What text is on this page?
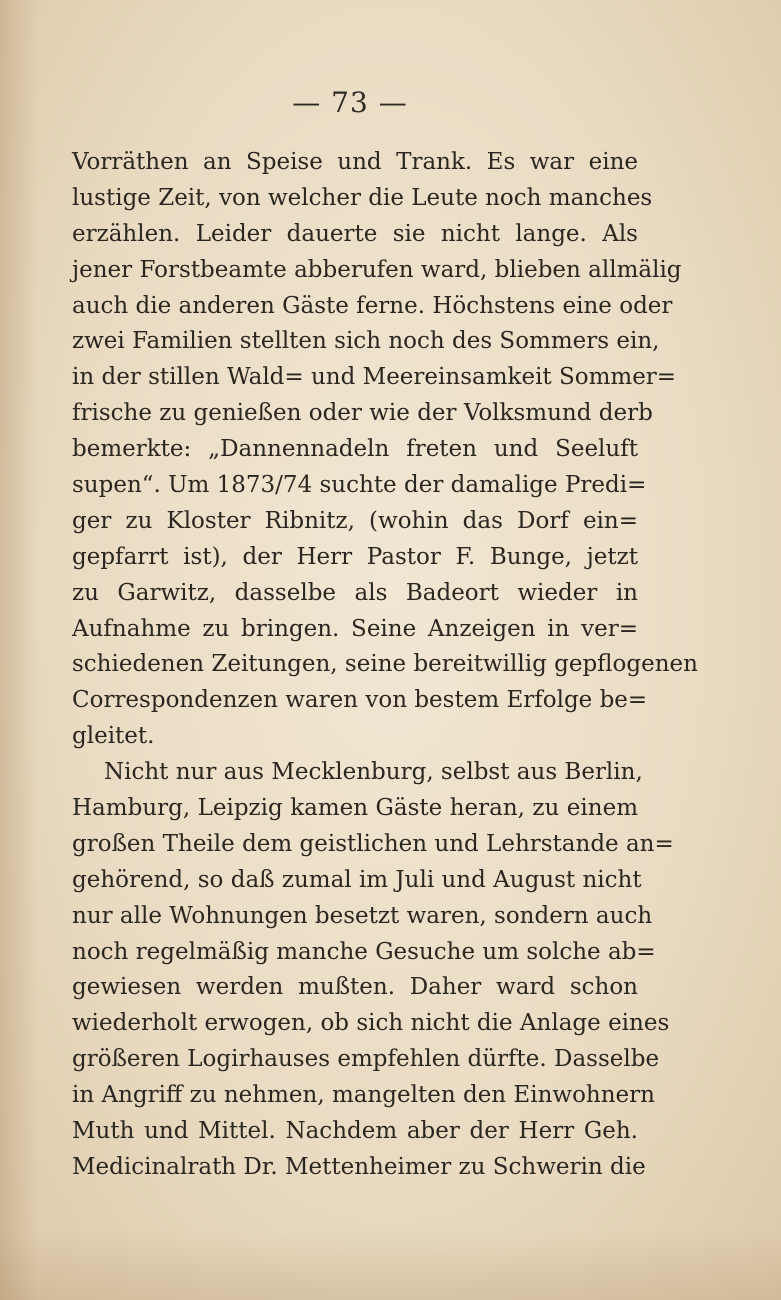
— 73 —
Vorräthen an Speise und Trank. Es war eine
lustige Zeit, von welcher die Leute noch manches
erzählen. Leider dauerte sie nicht lange. Als
jener Forstbeamte abberufen ward, blieben allmälig
auch die anderen Gäste ferne. Höchstens eine oder
zwei Familien stellten sich noch des Sommers ein,
in der stillen Wald= und Meereinsamkeit Sommer=
frische zu genießen oder wie der Volksmund derb
bemerkte: „Dannennadeln freten und Seeluft
supen“. Um 1873/74 suchte der damalige Predi=
ger zu Kloster Ribnitz, (wohin das Dorf ein=
gepfarrt ist), der Herr Pastor F. Bunge, jetzt
zu Garwitz, dasselbe als Badeort wieder in
Aufnahme zu bringen. Seine Anzeigen in ver=
schiedenen Zeitungen, seine bereitwillig gepflogenen
Correspondenzen waren von bestem Erfolge be=
gleitet.
Nicht nur aus Mecklenburg, selbst aus Berlin,
Hamburg, Leipzig kamen Gäste heran, zu einem
großen Theile dem geistlichen und Lehrstande an=
gehörend, so daß zumal im Juli und August nicht
nur alle Wohnungen besetzt waren, sondern auch
noch regelmäßig manche Gesuche um solche ab=
gewiesen werden mußten. Daher ward schon
wiederholt erwogen, ob sich nicht die Anlage eines
größeren Logirhauses empfehlen dürfte. Dasselbe
in Angriff zu nehmen, mangelten den Einwohnern
Muth und Mittel. Nachdem aber der Herr Geh.
Medicinalrath Dr. Mettenheimer zu Schwerin die
